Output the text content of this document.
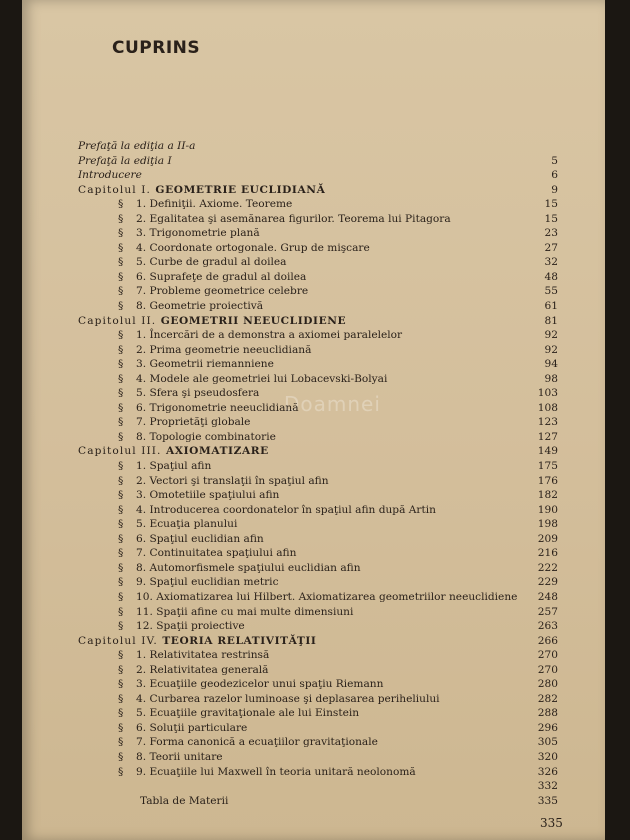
CUPRINS
Doamnei
Prefaţă la ediţia a II-a
Prefaţă la ediţia I	5
Introducere	6
Capitolul I. GEOMETRIE EUCLIDIANĂ	9
§ 1. Definiţii. Axiome. Teoreme	15
§ 2. Egalitatea şi asemănarea figurilor. Teorema lui Pitagora	15
§ 3. Trigonometrie plană	23
§ 4. Coordonate ortogonale. Grup de mişcare	27
§ 5. Curbe de gradul al doilea	32
§ 6. Suprafeţe de gradul al doilea	48
§ 7. Probleme geometrice celebre	55
§ 8. Geometrie proiectivă	61
Capitolul II. GEOMETRII NEEUCLIDIENE	81
§ 1. Încercări de a demonstra a axiomei paralelelor	92
§ 2. Prima geometrie neeuclidiană	92
§ 3. Geometrii riemanniene	94
§ 4. Modele ale geometriei lui Lobacevski-Bolyai	98
§ 5. Sfera şi pseudosfera	103
§ 6. Trigonometrie neeuclidiană	108
§ 7. Proprietăţi globale	123
§ 8. Topologie combinatorie	127
Capitolul III. AXIOMATIZARE	149
§ 1. Spaţiul afin	175
§ 2. Vectori şi translaţii în spaţiul afin	176
§ 3. Omotetiile spaţiului afin	182
§ 4. Introducerea coordonatelor în spaţiul afin după Artin	190
§ 5. Ecuaţia planului	198
§ 6. Spaţiul euclidian afin	209
§ 7. Continuitatea spaţiului afin	216
§ 8. Automorfismele spaţiului euclidian afin	222
§ 9. Spaţiul euclidian metric	229
§ 10. Axiomatizarea lui Hilbert. Axiomatizarea geometriilor neeuclidiene 248
§ 11. Spaţii afine cu mai multe dimensiuni	257
§ 12. Spaţii proiective	263
Capitolul IV. TEORIA RELATIVITĂŢII	266
§ 1. Relativitatea restrinsă	270
§ 2. Relativitatea generală	270
§ 3. Ecuaţiile geodezicelor unui spaţiu Riemann	280
§ 4. Curbarea razelor luminoase şi deplasarea periheliului	282
§ 5. Ecuaţiile gravitaţionale ale lui Einstein	288
§ 6. Soluţii particulare	296
§ 7. Forma canonică a ecuaţiilor gravitaţionale	305
§ 8. Teorii unitare	320
§ 9. Ecuaţiile lui Maxwell în teoria unitară neolonomă	326
332
Tabla de Materii	335
335
